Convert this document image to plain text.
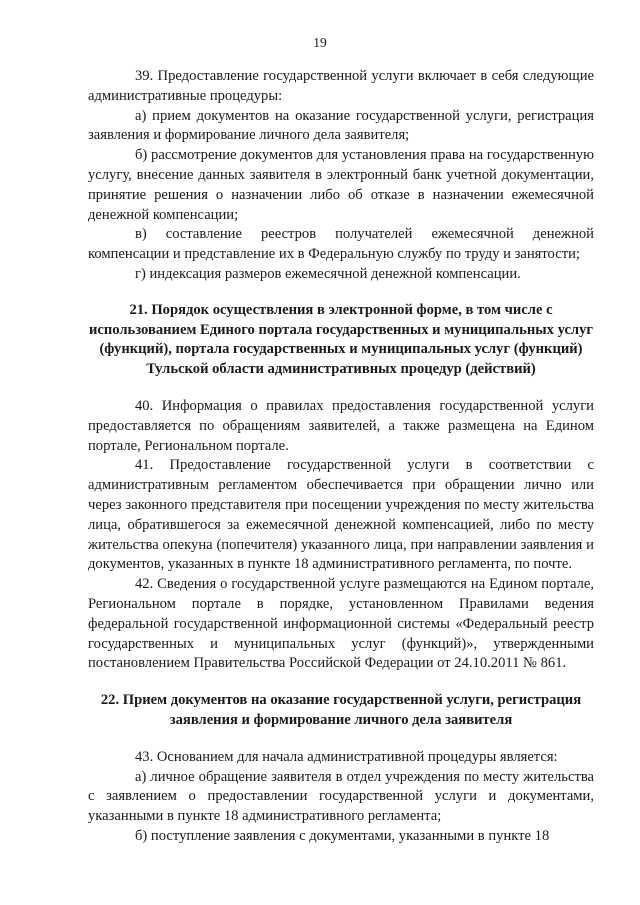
19

39. Предоставление государственной услуги включает в себя следующие административные процедуры:

а) прием документов на оказание государственной услуги, регистрация заявления и формирование личного дела заявителя;

б) рассмотрение документов для установления права на государственную услугу, внесение данных заявителя в электронный банк учетной документации, принятие решения о назначении либо об отказе в назначении ежемесячной денежной компенсации;

в) составление реестров получателей ежемесячной денежной компенсации и представление их в Федеральную службу по труду и занятости;

г) индексация размеров ежемесячной денежной компенсации.

21. Порядок осуществления в электронной форме, в том числе с использованием Единого портала государственных и муниципальных услуг (функций), портала государственных и муниципальных услуг (функций) Тульской области административных процедур (действий)

40. Информация о правилах предоставления государственной услуги предоставляется по обращениям заявителей, а также размещена на Едином портале, Региональном портале.

41. Предоставление государственной услуги в соответствии с административным регламентом обеспечивается при обращении лично или через законного представителя при посещении учреждения по месту жительства лица, обратившегося за ежемесячной денежной компенсацией, либо по месту жительства опекуна (попечителя) указанного лица, при направлении заявления и документов, указанных в пункте 18 административного регламента, по почте.

42. Сведения о государственной услуге размещаются на Едином портале, Региональном портале в порядке, установленном Правилами ведения федеральной государственной информационной системы «Федеральный реестр государственных и муниципальных услуг (функций)», утвержденными постановлением Правительства Российской Федерации от 24.10.2011 № 861.

22. Прием документов на оказание государственной услуги, регистрация заявления и формирование личного дела заявителя

43. Основанием для начала административной процедуры является:

а) личное обращение заявителя в отдел учреждения по месту жительства с заявлением о предоставлении государственной услуги и документами, указанными в пункте 18 административного регламента;

б) поступление заявления с документами, указанными в пункте 18
